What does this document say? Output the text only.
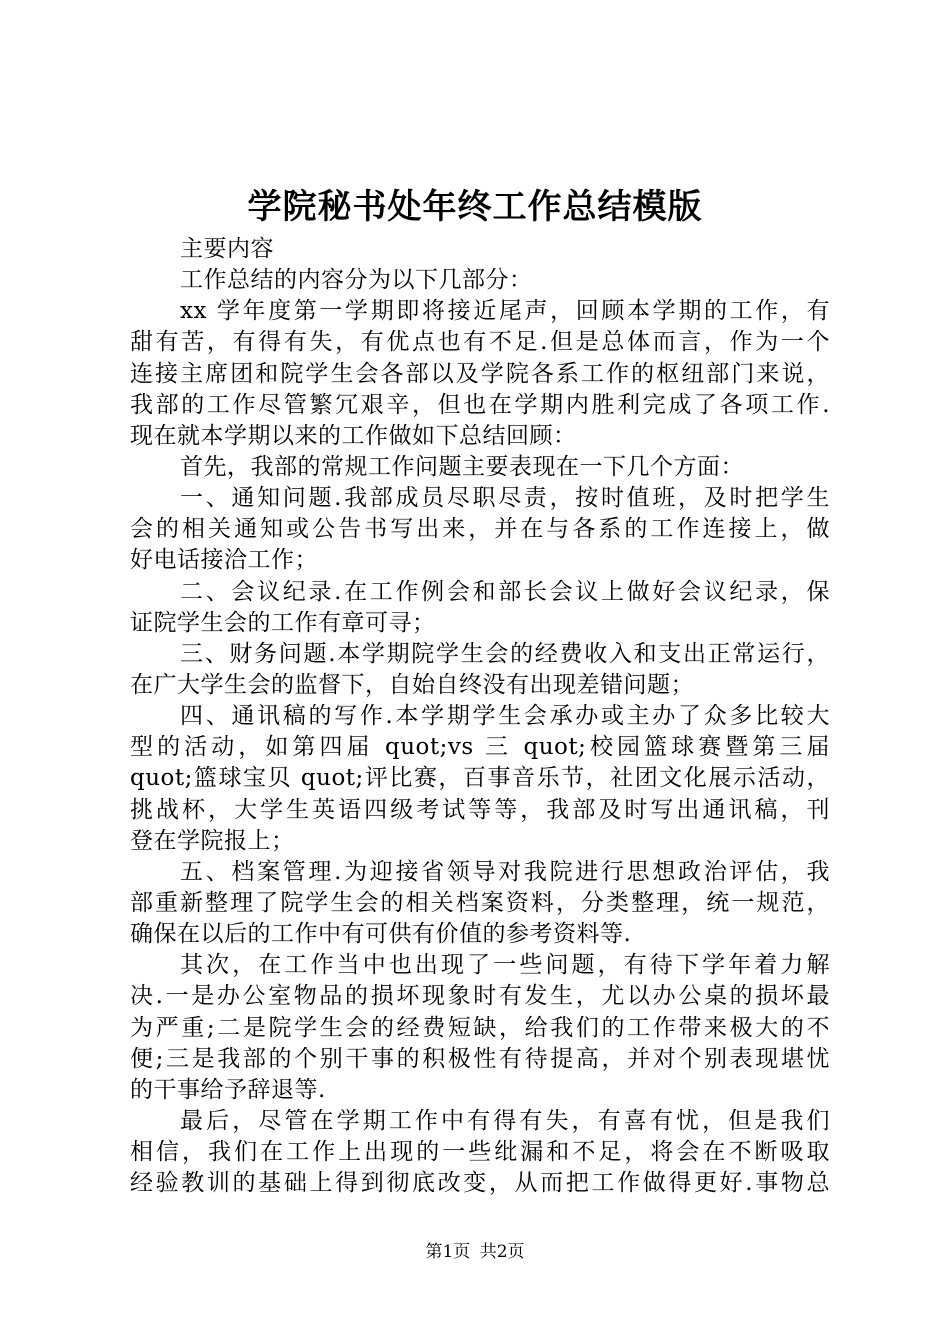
学院秘书处年终工作总结模版
主要内容
工作总结的内容分为以下几部分：
xx 学年度第一学期即将接近尾声，回顾本学期的工作，有
甜有苦，有得有失，有优点也有不足.但是总体而言，作为一个
连接主席团和院学生会各部以及学院各系工作的枢纽部门来说，
我部的工作尽管繁冗艰辛，但也在学期内胜利完成了各项工作.
现在就本学期以来的工作做如下总结回顾：
首先，我部的常规工作问题主要表现在一下几个方面：
一、通知问题.我部成员尽职尽责，按时值班，及时把学生
会的相关通知或公告书写出来，并在与各系的工作连接上，做
好电话接洽工作；
二、会议纪录.在工作例会和部长会议上做好会议纪录，保
证院学生会的工作有章可寻；
三、财务问题.本学期院学生会的经费收入和支出正常运行，
在广大学生会的监督下，自始自终没有出现差错问题；
四、通讯稿的写作.本学期学生会承办或主办了众多比较大
型的活动，如第四届 quot;vs 三 quot;校园篮球赛暨第三届
quot;篮球宝贝 quot;评比赛，百事音乐节，社团文化展示活动，
挑战杯，大学生英语四级考试等等，我部及时写出通讯稿，刊
登在学院报上；
五、档案管理.为迎接省领导对我院进行思想政治评估，我
部重新整理了院学生会的相关档案资料，分类整理，统一规范，
确保在以后的工作中有可供有价值的参考资料等.
其次，在工作当中也出现了一些问题，有待下学年着力解
决.一是办公室物品的损坏现象时有发生，尤以办公桌的损坏最
为严重;二是院学生会的经费短缺，给我们的工作带来极大的不
便;三是我部的个别干事的积极性有待提高，并对个别表现堪忧
的干事给予辞退等.
最后，尽管在学期工作中有得有失，有喜有忧，但是我们
相信，我们在工作上出现的一些纰漏和不足，将会在不断吸取
经验教训的基础上得到彻底改变，从而把工作做得更好.事物总
第1页 共2页
